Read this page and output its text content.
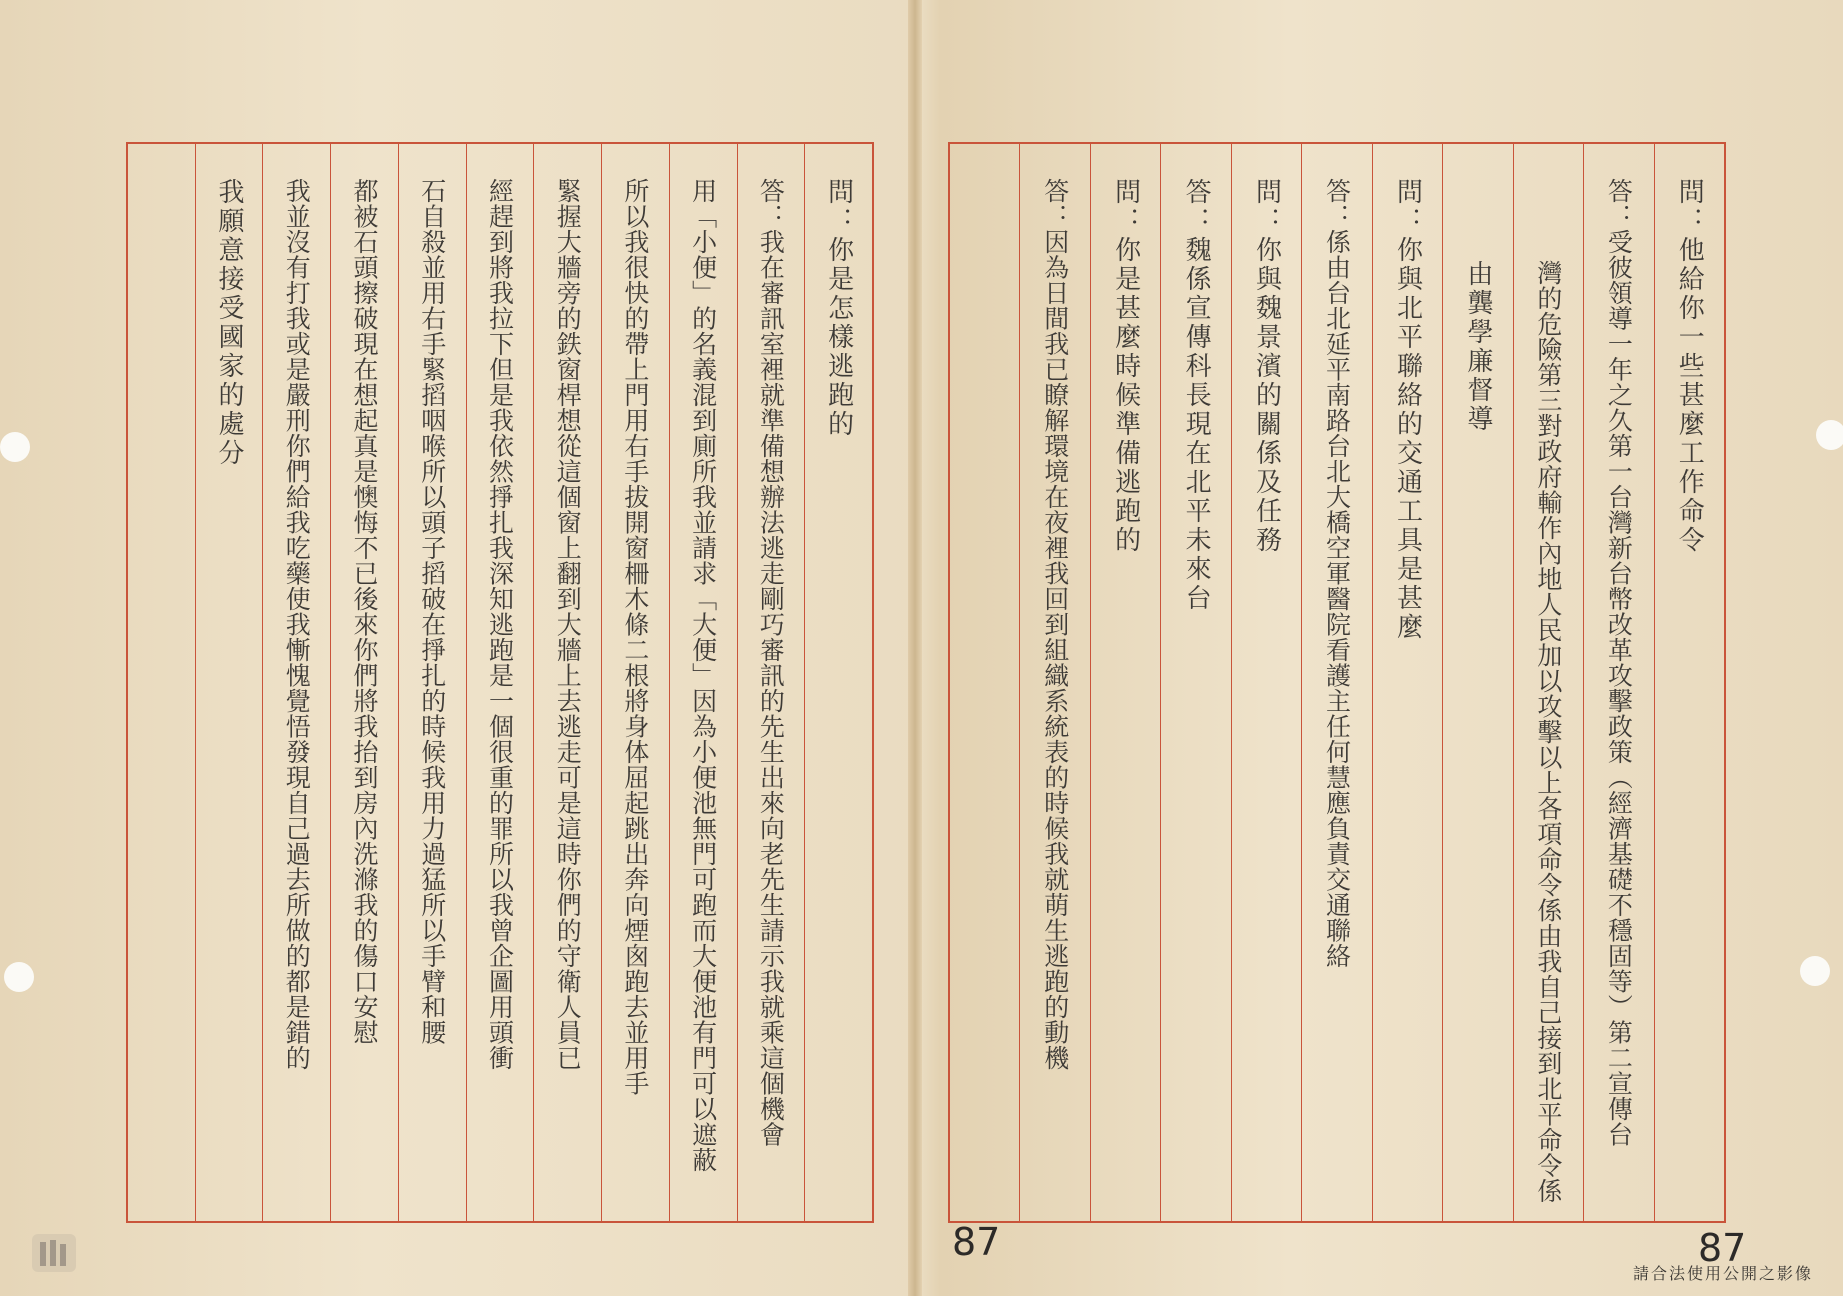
問：你是怎樣逃跑的
答：我在審訊室裡就準備想辦法逃走剛巧審訊的先生出來向老先生請示我就乘這個機會
用「小便」的名義混到廁所我並請求「大便」因為小便池無門可跑而大便池有門可以遮蔽
所以我很快的帶上門用右手拔開窗柵木條二根將身体屈起跳出奔向煙囪跑去並用手
緊握大牆旁的鉄窗桿想從這個窗上翻到大牆上去逃走可是這時你們的守衛人員已
經趕到將我拉下但是我依然掙扎我深知逃跑是一個很重的罪所以我曾企圖用頭衝
石自殺並用右手緊搯咽喉所以頭子搯破在掙扎的時候我用力過猛所以手臂和腰
都被石頭擦破現在想起真是懊悔不已後來你們將我抬到房內洗滌我的傷口安慰
我並沒有打我或是嚴刑你們給我吃藥使我慚愧覺悟發現自己過去所做的都是錯的
我願意接受國家的處分
87
問：他給你一些甚麼工作命令
答：受彼領導一年之久第一台灣新台幣改革攻擊政策（經濟基礎不穩固等）第二宣傳台
灣的危險第三對政府輸作內地人民加以攻擊以上各項命令係由我自己接到北平命令係
由龔學廉督導
問：你與北平聯絡的交通工具是甚麼
答：係由台北延平南路台北大橋空軍醫院看護主任何慧應負責交通聯絡
問：你與魏景濱的關係及任務
答：魏係宣傳科長現在北平未來台
問：你是甚麼時候準備逃跑的
答：因為日間我已瞭解環境在夜裡我回到組織系統表的時候我就萌生逃跑的動機
87
請合法使用公開之影像
